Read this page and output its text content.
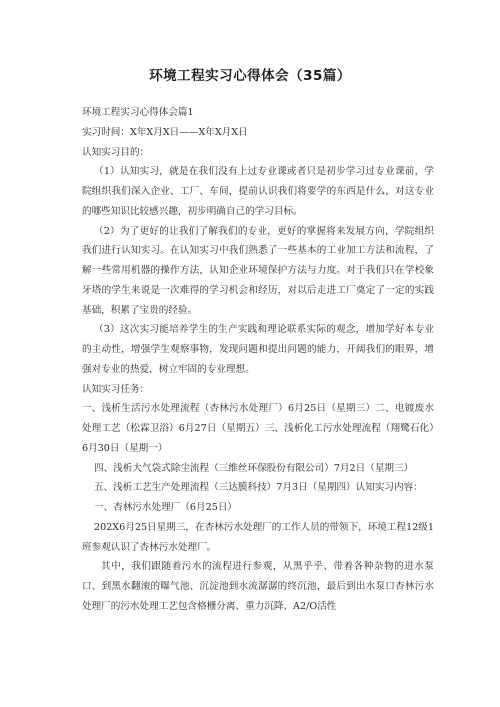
环境工程实习心得体会（35篇）

环境工程实习心得体会篇1

实习时间：X年X月X日——X年X月X日

认知实习目的：

（1）认知实习，就是在我们没有上过专业课或者只是初步学习过专业课前，学院组织我们深入企业、工厂、车间，提前认识我们将要学的东西是什么，对这专业的哪些知识比较感兴趣，初步明确自己的学习目标。

（2）为了更好的让我们了解我们的专业，更好的掌握将来发展方向，学院组织我们进行认知实习。在认知实习中我们熟悉了一些基本的工业加工方法和流程，了解一些常用机器的操作方法，认知企业环境保护方法与力度。对于我们只在学校象牙塔的学生来说是一次难得的学习机会和经历，对以后走进工厂奠定了一定的实践基础，积累了宝贵的经验。

（3）这次实习能培养学生的生产实践和理论联系实际的观念，增加学好本专业的主动性，增强学生观察事物，发现问题和提出问题的能力，开阔我们的眼界，增强对专业的热爱，树立牢固的专业理想。

认知实习任务：

一、浅析生活污水处理流程（杏林污水处理厂）6月25日（星期三）二、电镀废水处理工艺（松霖卫浴）6月27日（星期五）三、浅析化工污水处理流程（翔鹭石化）6月30日（星期一）

四、浅析大气袋式除尘流程（三维丝环保股份有限公司）7月2日（星期三）

五、浅析工艺生产处理流程（三达膜科技）7月3日（星期四）认知实习内容：

一、杏林污水处理厂（6月25日）

202X6月25日星期三，在杏林污水处理厂的工作人员的带领下，环境工程12级1班参观认识了杏林污水处理厂。

其中，我们跟随着污水的流程进行参观，从黑乎乎、带着各种杂物的进水泵口、到黑水翻滚的曝气池、沉淀池到水流潺潺的终沉池，最后到出水泵口杏林污水处理厂的污水处理工艺包含格栅分离、重力沉降、A2/O活性
